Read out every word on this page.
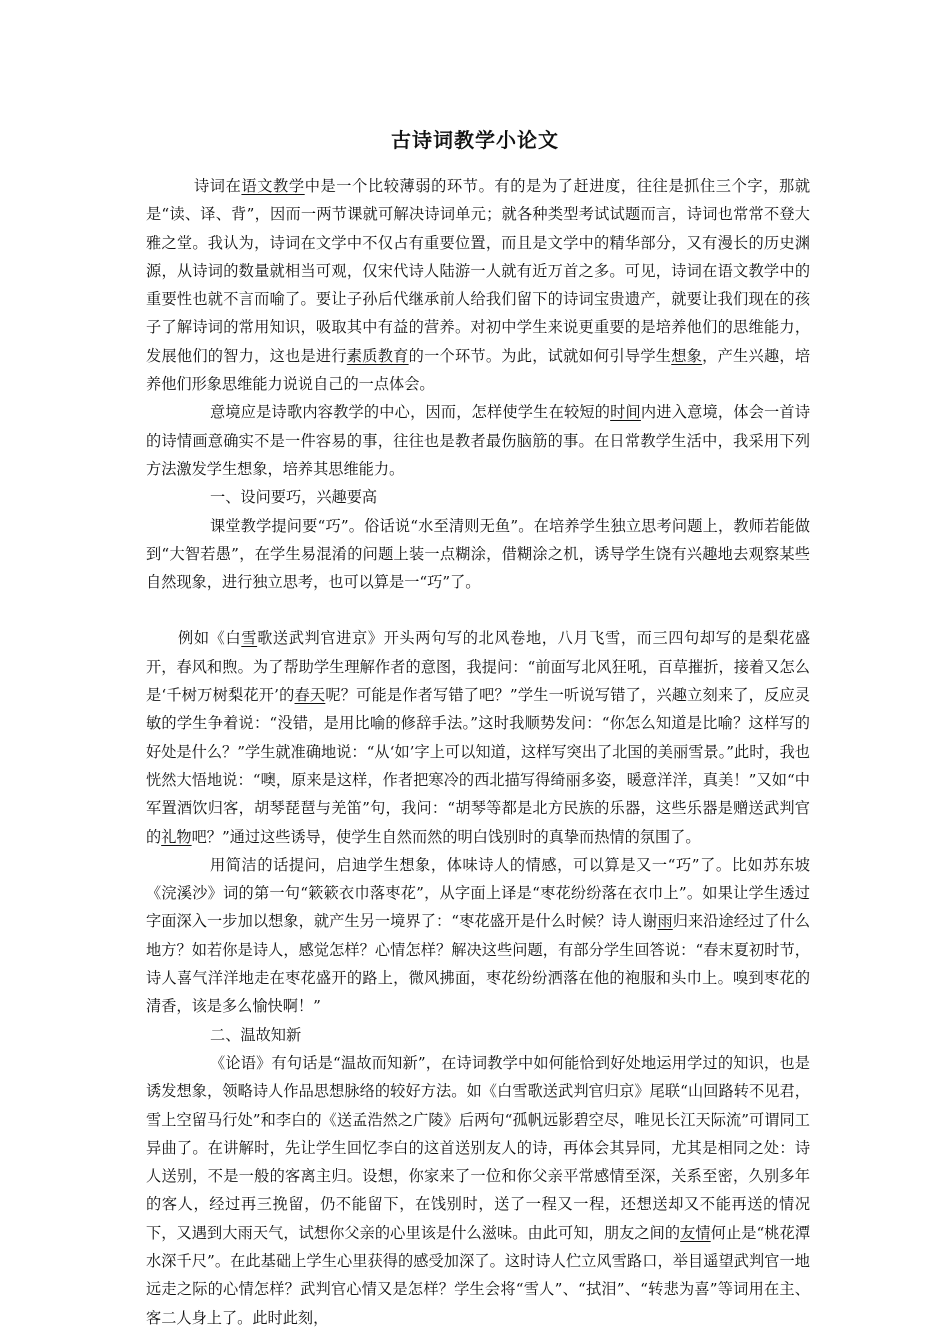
古诗词教学小论文

诗词在语文教学中是一个比较薄弱的环节。有的是为了赶进度，往往是抓住三个字，那就是“读、译、背”，因而一两节课就可解决诗词单元；就各种类型考试试题而言，诗词也常常不登大雅之堂。我认为，诗词在文学中不仅占有重要位置，而且是文学中的精华部分，又有漫长的历史渊源，从诗词的数量就相当可观，仅宋代诗人陆游一人就有近万首之多。可见，诗词在语文教学中的重要性也就不言而喻了。要让子孙后代继承前人给我们留下的诗词宝贵遗产，就要让我们现在的孩子了解诗词的常用知识，吸取其中有益的营养。对初中学生来说更重要的是培养他们的思维能力，发展他们的智力，这也是进行素质教育的一个环节。为此，试就如何引导学生想象，产生兴趣，培养他们形象思维能力说说自己的一点体会。

意境应是诗歌内容教学的中心，因而，怎样使学生在较短的时间内进入意境，体会一首诗的诗情画意确实不是一件容易的事，往往也是教者最伤脑筋的事。在日常教学生活中，我采用下列方法激发学生想象，培养其思维能力。

一、设问要巧，兴趣要高

课堂教学提问要“巧”。俗话说“水至清则无鱼”。在培养学生独立思考问题上，教师若能做到“大智若愚”，在学生易混淆的问题上装一点糊涂，借糊涂之机，诱导学生饶有兴趣地去观察某些自然现象，进行独立思考，也可以算是一“巧”了。

例如《白雪歌送武判官进京》开头两句写的北风卷地，八月飞雪，而三四句却写的是梨花盛开，春风和煦。为了帮助学生理解作者的意图，我提问：“前面写北风狂吼，百草摧折，接着又怎么是‘千树万树梨花开’的春天呢？可能是作者写错了吧？”学生一听说写错了，兴趣立刻来了，反应灵敏的学生争着说：“没错，是用比喻的修辞手法。”这时我顺势发问：“你怎么知道是比喻？这样写的好处是什么？”学生就准确地说：“从‘如’字上可以知道，这样写突出了北国的美丽雪景。”此时，我也恍然大悟地说：“噢，原来是这样，作者把寒冷的西北描写得绮丽多姿，暖意洋洋，真美！”又如“中军置酒饮归客，胡琴琵琶与羌笛”句，我问：“胡琴等都是北方民族的乐器，这些乐器是赠送武判官的礼物吧？”通过这些诱导，使学生自然而然的明白饯别时的真挚而热情的氛围了。

用简洁的话提问，启迪学生想象，体味诗人的情感，可以算是又一“巧”了。比如苏东坡《浣溪沙》词的第一句“簌簌衣巾落枣花”，从字面上译是“枣花纷纷落在衣巾上”。如果让学生透过字面深入一步加以想象，就产生另一境界了：“枣花盛开是什么时候？诗人谢雨归来沿途经过了什么地方？如若你是诗人，感觉怎样？心情怎样？解决这些问题，有部分学生回答说：“春末夏初时节，诗人喜气洋洋地走在枣花盛开的路上，微风拂面，枣花纷纷洒落在他的袍服和头巾上。嗅到枣花的清香，该是多么愉快啊！”

二、温故知新

《论语》有句话是“温故而知新”，在诗词教学中如何能恰到好处地运用学过的知识，也是诱发想象，领略诗人作品思想脉络的较好方法。如《白雪歌送武判官归京》尾联“山回路转不见君，雪上空留马行处”和李白的《送孟浩然之广陵》后两句“孤帆远影碧空尽，唯见长江天际流”可谓同工异曲了。在讲解时，先让学生回忆李白的这首送别友人的诗，再体会其异同，尤其是相同之处：诗人送别，不是一般的客离主归。设想，你家来了一位和你父亲平常感情至深，关系至密，久别多年的客人，经过再三挽留，仍不能留下，在饯别时，送了一程又一程，还想送却又不能再送的情况下，又遇到大雨天气，试想你父亲的心里该是什么滋味。由此可知，朋友之间的友情何止是“桃花潭水深千尺”。在此基础上学生心里获得的感受加深了。这时诗人伫立风雪路口，举目遥望武判官一地远走之际的心情怎样？武判官心情又是怎样？学生会将“雪人”、“拭泪”、“转悲为喜”等词用在主、客二人身上了。此时此刻，
